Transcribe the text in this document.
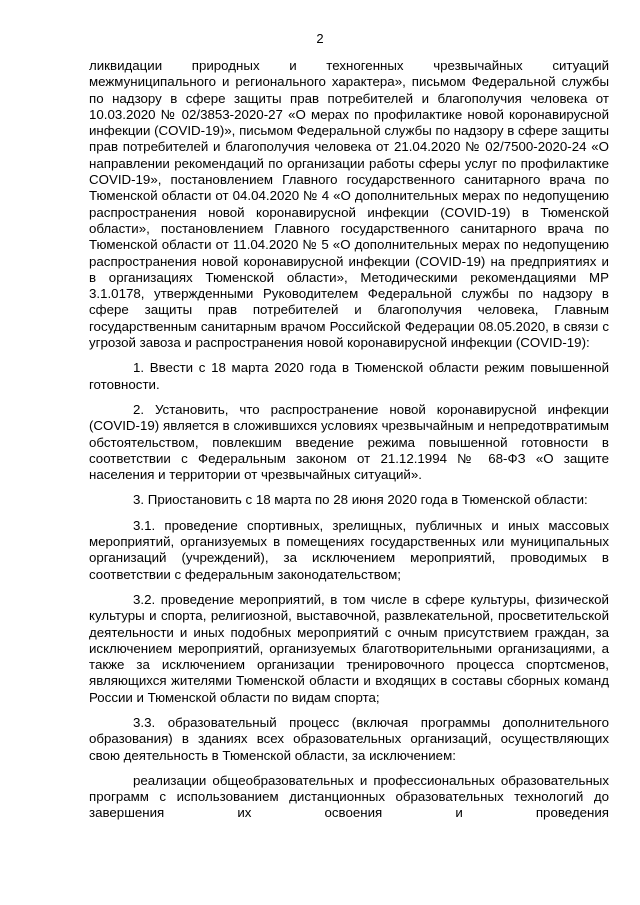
2

ликвидации природных и техногенных чрезвычайных ситуаций межмуниципального и регионального характера», письмом Федеральной службы по надзору в сфере защиты прав потребителей и благополучия человека от 10.03.2020 № 02/3853-2020-27 «О мерах по профилактике новой коронавирусной инфекции (COVID-19)», письмом Федеральной службы по надзору в сфере защиты прав потребителей и благополучия человека от 21.04.2020 № 02/7500-2020-24 «О направлении рекомендаций по организации работы сферы услуг по профилактике COVID-19», постановлением Главного государственного санитарного врача по Тюменской области от 04.04.2020 № 4 «О дополнительных мерах по недопущению распространения новой коронавирусной инфекции (COVID-19) в Тюменской области», постановлением Главного государственного санитарного врача по Тюменской области от 11.04.2020 № 5 «О дополнительных мерах по недопущению распространения новой коронавирусной инфекции (COVID-19) на предприятиях и в организациях Тюменской области», Методическими рекомендациями МР 3.1.0178, утвержденными Руководителем Федеральной службы по надзору в сфере защиты прав потребителей и благополучия человека, Главным государственным санитарным врачом Российской Федерации 08.05.2020, в связи с угрозой завоза и распространения новой коронавирусной инфекции (COVID-19):

1. Ввести с 18 марта 2020 года в Тюменской области режим повышенной готовности.

2. Установить, что распространение новой коронавирусной инфекции (COVID-19) является в сложившихся условиях чрезвычайным и непредотвратимым обстоятельством, повлекшим введение режима повышенной готовности в соответствии с Федеральным законом от 21.12.1994 № 68-ФЗ «О защите населения и территории от чрезвычайных ситуаций».

3. Приостановить с 18 марта по 28 июня 2020 года в Тюменской области:

3.1. проведение спортивных, зрелищных, публичных и иных массовых мероприятий, организуемых в помещениях государственных или муниципальных организаций (учреждений), за исключением мероприятий, проводимых в соответствии с федеральным законодательством;

3.2. проведение мероприятий, в том числе в сфере культуры, физической культуры и спорта, религиозной, выставочной, развлекательной, просветительской деятельности и иных подобных мероприятий с очным присутствием граждан, за исключением мероприятий, организуемых благотворительными организациями, а также за исключением организации тренировочного процесса спортсменов, являющихся жителями Тюменской области и входящих в составы сборных команд России и Тюменской области по видам спорта;

3.3. образовательный процесс (включая программы дополнительного образования) в зданиях всех образовательных организаций, осуществляющих свою деятельность в Тюменской области, за исключением:

реализации общеобразовательных и профессиональных образовательных программ с использованием дистанционных образовательных технологий до завершения их освоения и проведения
